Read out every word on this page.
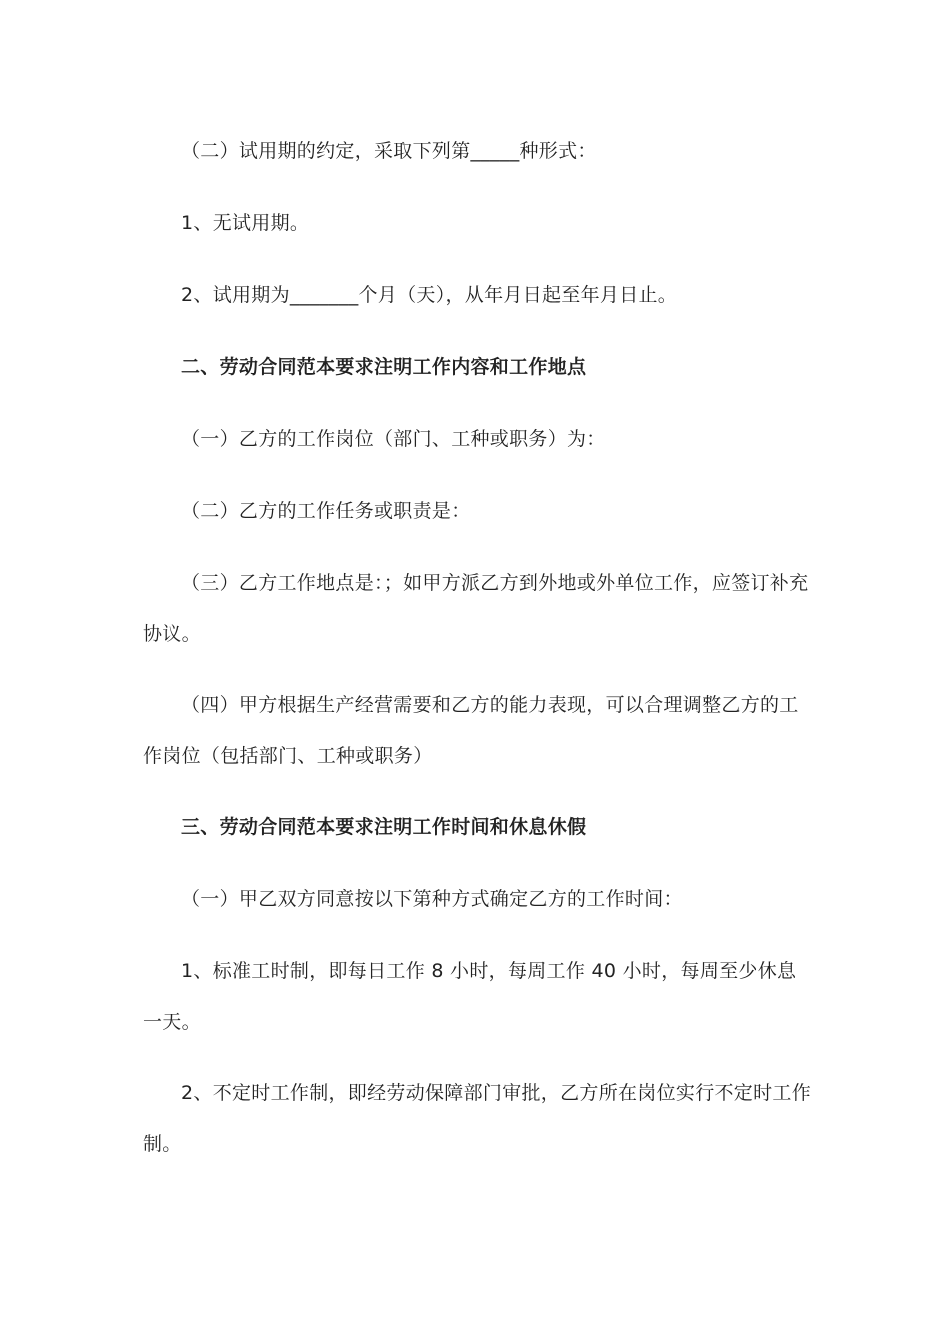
（二）试用期的约定，采取下列第_____种形式：

1、无试用期。

2、试用期为_______个月（天），从年月日起至年月日止。

二、劳动合同范本要求注明工作内容和工作地点

（一）乙方的工作岗位（部门、工种或职务）为：

（二）乙方的工作任务或职责是：

（三）乙方工作地点是：；如甲方派乙方到外地或外单位工作，应签订补充协议。

（四）甲方根据生产经营需要和乙方的能力表现，可以合理调整乙方的工作岗位（包括部门、工种或职务）

三、劳动合同范本要求注明工作时间和休息休假

（一）甲乙双方同意按以下第种方式确定乙方的工作时间：

1、标准工时制，即每日工作 8 小时，每周工作 40 小时，每周至少休息一天。

2、不定时工作制，即经劳动保障部门审批，乙方所在岗位实行不定时工作制。
